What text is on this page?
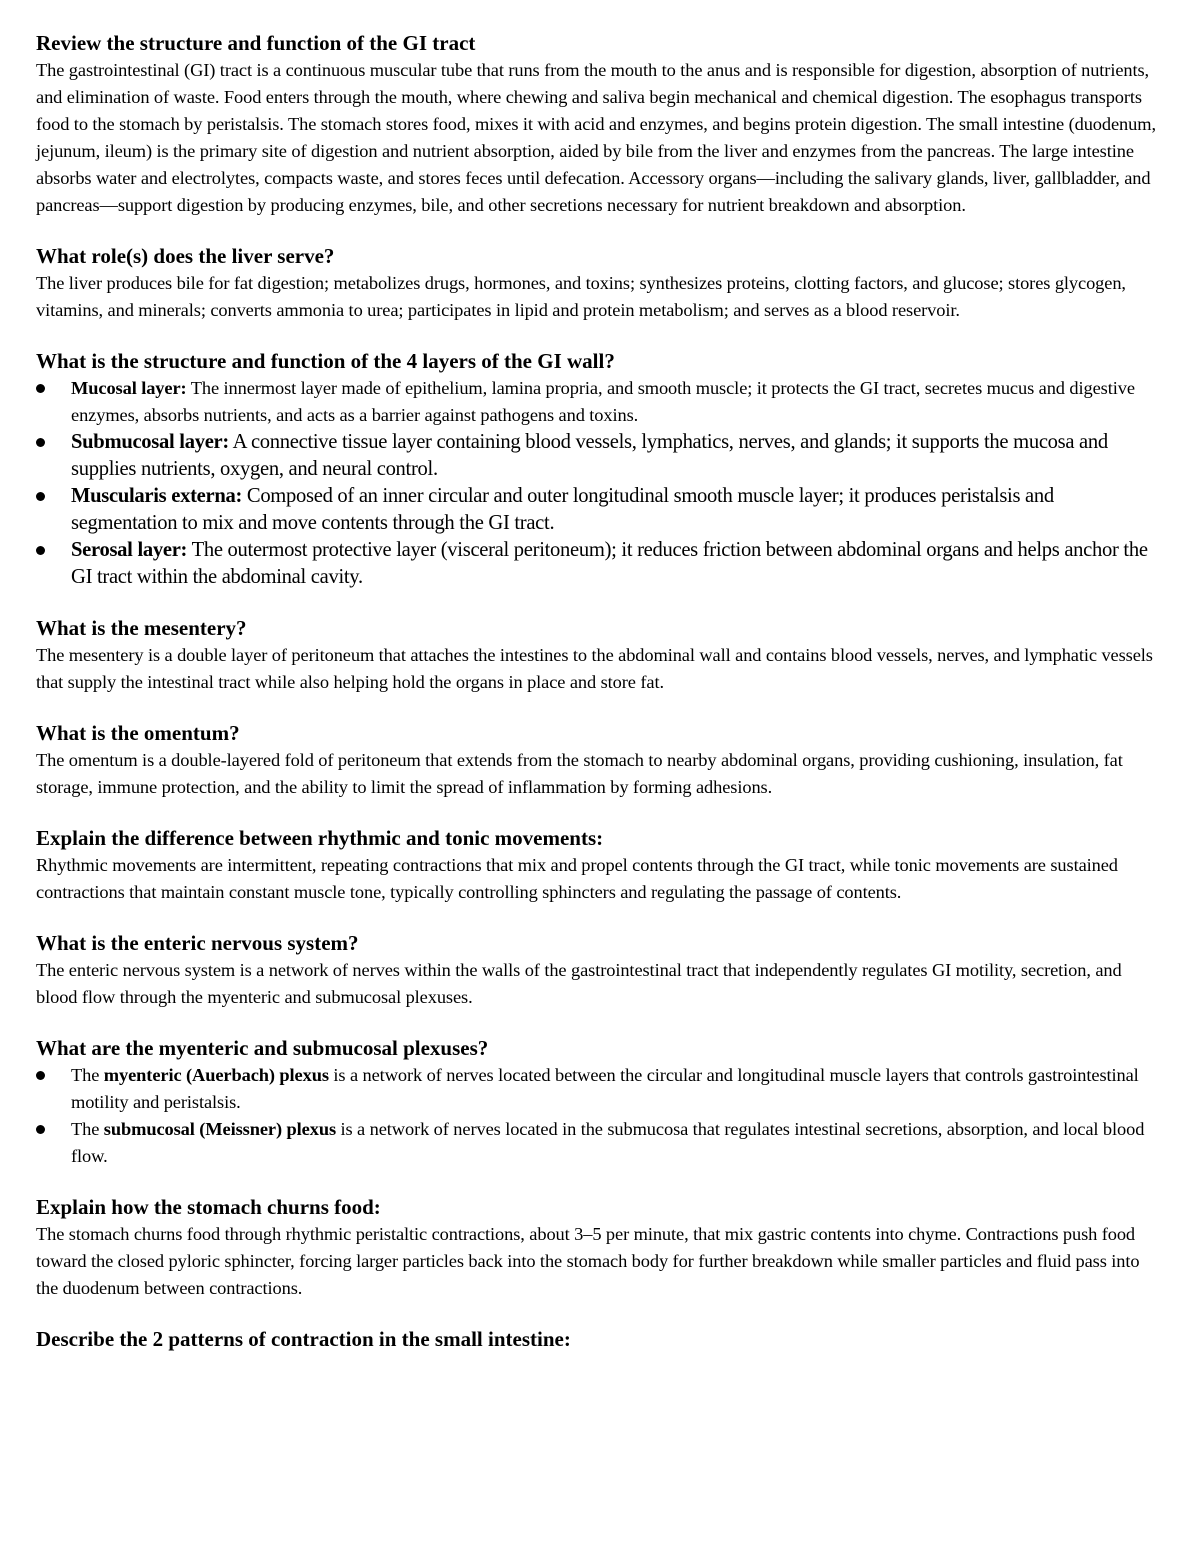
Review the structure and function of the GI tract

The gastrointestinal (GI) tract is a continuous muscular tube that runs from the mouth to the anus and is responsible for digestion, absorption of nutrients, and elimination of waste. Food enters through the mouth, where chewing and saliva begin mechanical and chemical digestion. The esophagus transports food to the stomach by peristalsis. The stomach stores food, mixes it with acid and enzymes, and begins protein digestion. The small intestine (duodenum, jejunum, ileum) is the primary site of digestion and nutrient absorption, aided by bile from the liver and enzymes from the pancreas. The large intestine absorbs water and electrolytes, compacts waste, and stores feces until defecation. Accessory organs—including the salivary glands, liver, gallbladder, and pancreas—support digestion by producing enzymes, bile, and other secretions necessary for nutrient breakdown and absorption.

What role(s) does the liver serve?

The liver produces bile for fat digestion; metabolizes drugs, hormones, and toxins; synthesizes proteins, clotting factors, and glucose; stores glycogen, vitamins, and minerals; converts ammonia to urea; participates in lipid and protein metabolism; and serves as a blood reservoir.

What is the structure and function of the 4 layers of the GI wall?

Mucosal layer: The innermost layer made of epithelium, lamina propria, and smooth muscle; it protects the GI tract, secretes mucus and digestive enzymes, absorbs nutrients, and acts as a barrier against pathogens and toxins.
Submucosal layer: A connective tissue layer containing blood vessels, lymphatics, nerves, and glands; it supports the mucosa and supplies nutrients, oxygen, and neural control.
Muscularis externa: Composed of an inner circular and outer longitudinal smooth muscle layer; it produces peristalsis and segmentation to mix and move contents through the GI tract.
Serosal layer: The outermost protective layer (visceral peritoneum); it reduces friction between abdominal organs and helps anchor the GI tract within the abdominal cavity.

What is the mesentery?

The mesentery is a double layer of peritoneum that attaches the intestines to the abdominal wall and contains blood vessels, nerves, and lymphatic vessels that supply the intestinal tract while also helping hold the organs in place and store fat.

What is the omentum?

The omentum is a double-layered fold of peritoneum that extends from the stomach to nearby abdominal organs, providing cushioning, insulation, fat storage, immune protection, and the ability to limit the spread of inflammation by forming adhesions.

Explain the difference between rhythmic and tonic movements:

Rhythmic movements are intermittent, repeating contractions that mix and propel contents through the GI tract, while tonic movements are sustained contractions that maintain constant muscle tone, typically controlling sphincters and regulating the passage of contents.

What is the enteric nervous system?

The enteric nervous system is a network of nerves within the walls of the gastrointestinal tract that independently regulates GI motility, secretion, and blood flow through the myenteric and submucosal plexuses.

What are the myenteric and submucosal plexuses?

The myenteric (Auerbach) plexus is a network of nerves located between the circular and longitudinal muscle layers that controls gastrointestinal motility and peristalsis.
The submucosal (Meissner) plexus is a network of nerves located in the submucosa that regulates intestinal secretions, absorption, and local blood flow.

Explain how the stomach churns food:

The stomach churns food through rhythmic peristaltic contractions, about 3–5 per minute, that mix gastric contents into chyme. Contractions push food toward the closed pyloric sphincter, forcing larger particles back into the stomach body for further breakdown while smaller particles and fluid pass into the duodenum between contractions.

Describe the 2 patterns of contraction in the small intestine:
